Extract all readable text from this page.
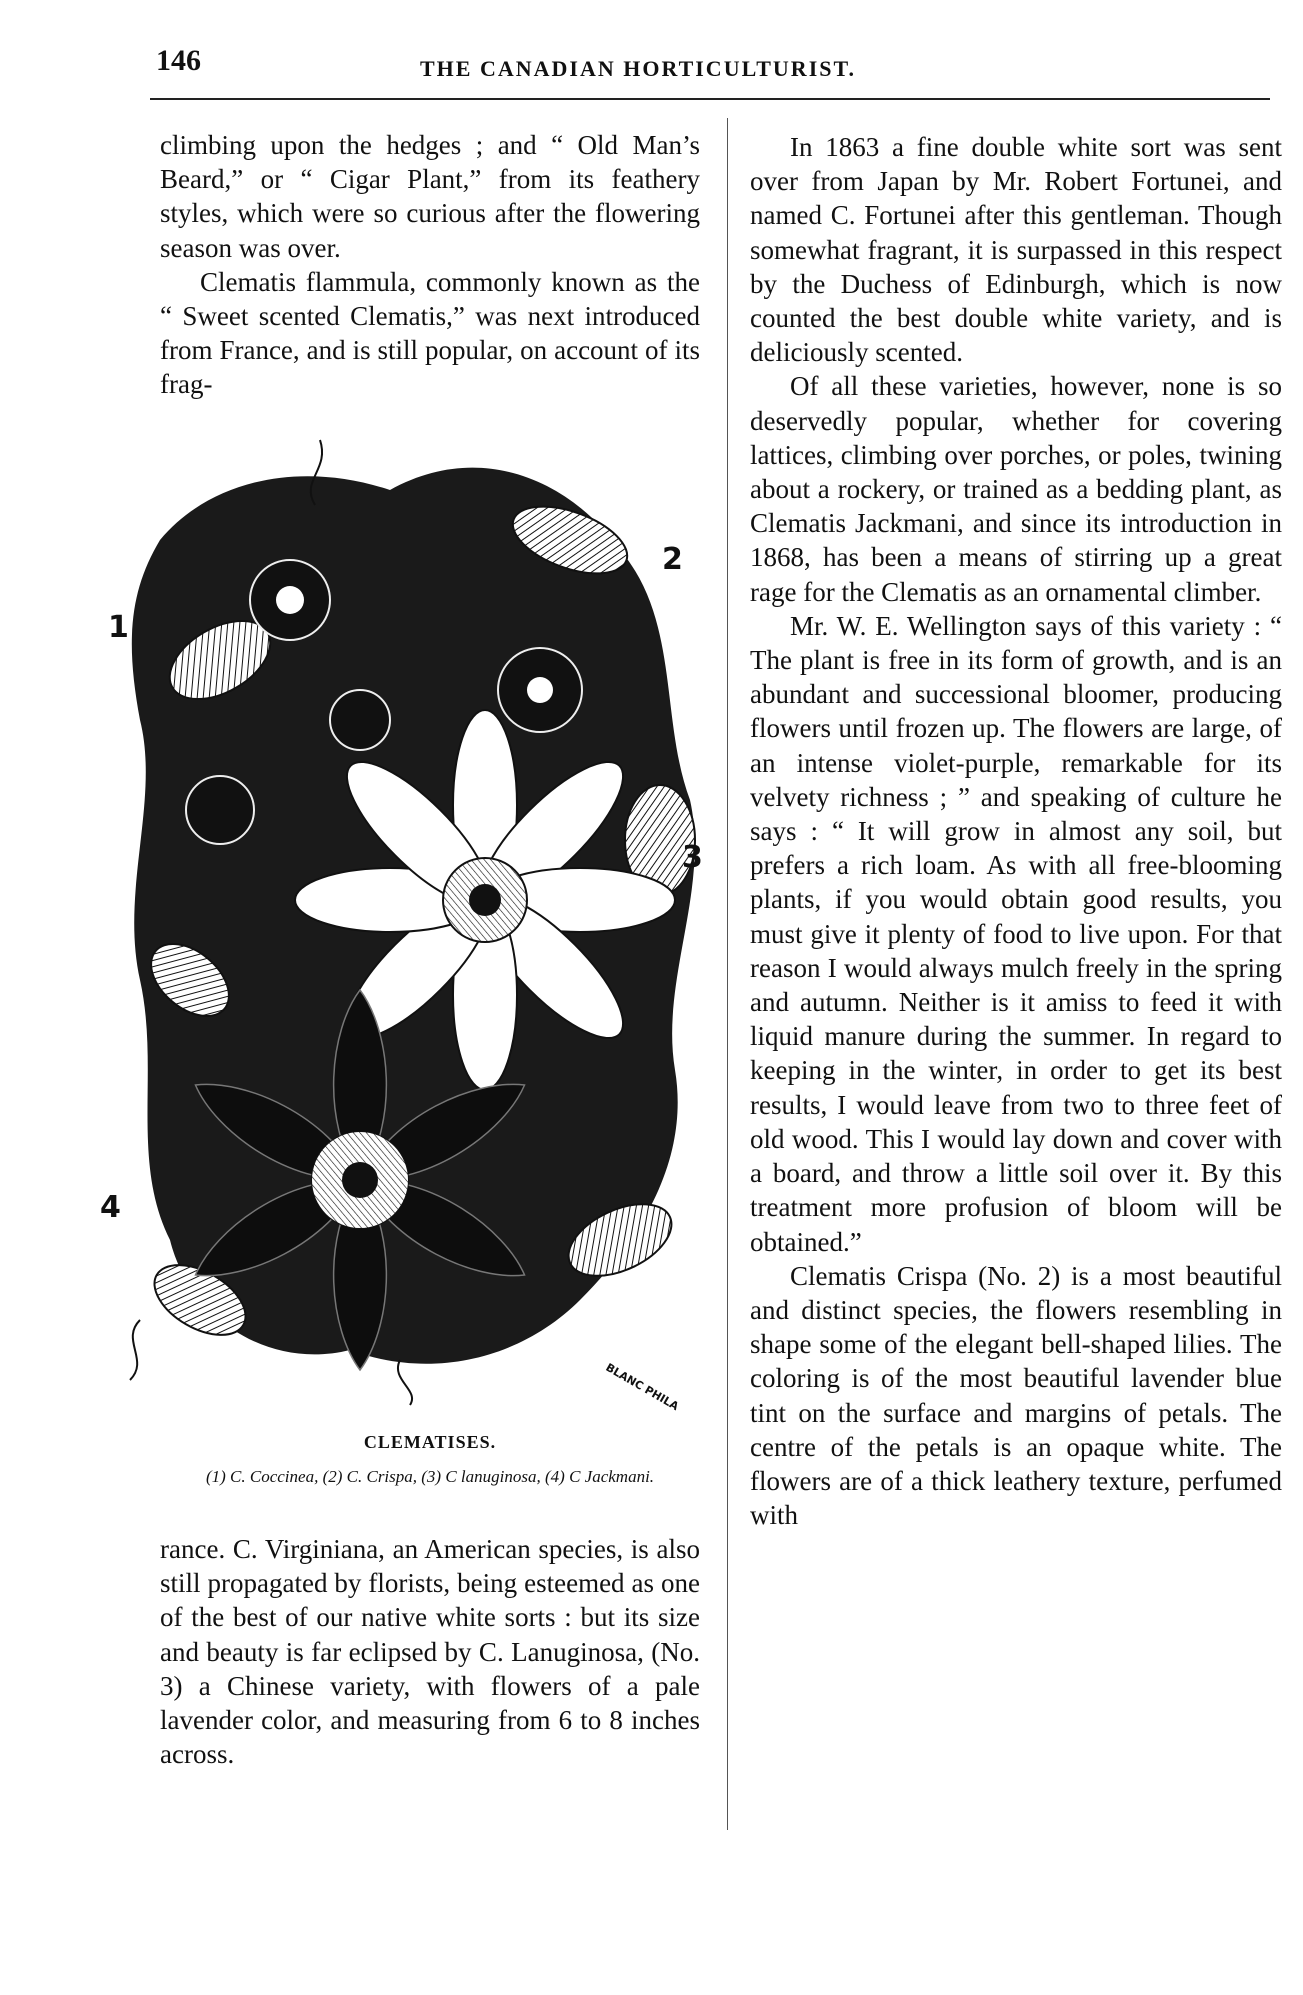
146	THE CANADIAN HORTICULTURIST.

climbing upon the hedges ; and “ Old Man’s Beard,” or “ Cigar Plant,” from its feathery styles, which were so curious after the flowering season was over.

Clematis flammula, commonly known as the “ Sweet scented Clematis,” was next introduced from France, and is still popular, on account of its frag-

1
2
3
4
BLANC PHILA
CLEMATISES.
(1) C. Coccinea, (2) C. Crispa, (3) C lanuginosa, (4) C Jackmani.

rance. C. Virginiana, an American species, is also still propagated by florists, being esteemed as one of the best of our native white sorts : but its size and beauty is far eclipsed by C. Lanuginosa, (No. 3) a Chinese variety, with flowers of a pale lavender color, and measuring from 6 to 8 inches across.

In 1863 a fine double white sort was sent over from Japan by Mr. Robert Fortunei, and named C. Fortunei after this gentleman. Though somewhat fragrant, it is surpassed in this respect by the Duchess of Edinburgh, which is now counted the best double white variety, and is deliciously scented.

Of all these varieties, however, none is so deservedly popular, whether for covering lattices, climbing over porches, or poles, twining about a rockery, or trained as a bedding plant, as Clematis Jackmani, and since its introduction in 1868, has been a means of stirring up a great rage for the Clematis as an ornamental climber.

Mr. W. E. Wellington says of this variety : “ The plant is free in its form of growth, and is an abundant and successional bloomer, producing flowers until frozen up. The flowers are large, of an intense violet-purple, remarkable for its velvety richness ; ” and speaking of culture he says : “ It will grow in almost any soil, but prefers a rich loam. As with all free-blooming plants, if you would obtain good results, you must give it plenty of food to live upon. For that reason I would always mulch freely in the spring and autumn. Neither is it amiss to feed it with liquid manure during the summer. In regard to keeping in the winter, in order to get its best results, I would leave from two to three feet of old wood. This I would lay down and cover with a board, and throw a little soil over it. By this treatment more profusion of bloom will be obtained.”

Clematis Crispa (No. 2) is a most beautiful and distinct species, the flowers resembling in shape some of the elegant bell-shaped lilies. The coloring is of the most beautiful lavender blue tint on the surface and margins of petals. The centre of the petals is an opaque white. The flowers are of a thick leathery texture, perfumed with
